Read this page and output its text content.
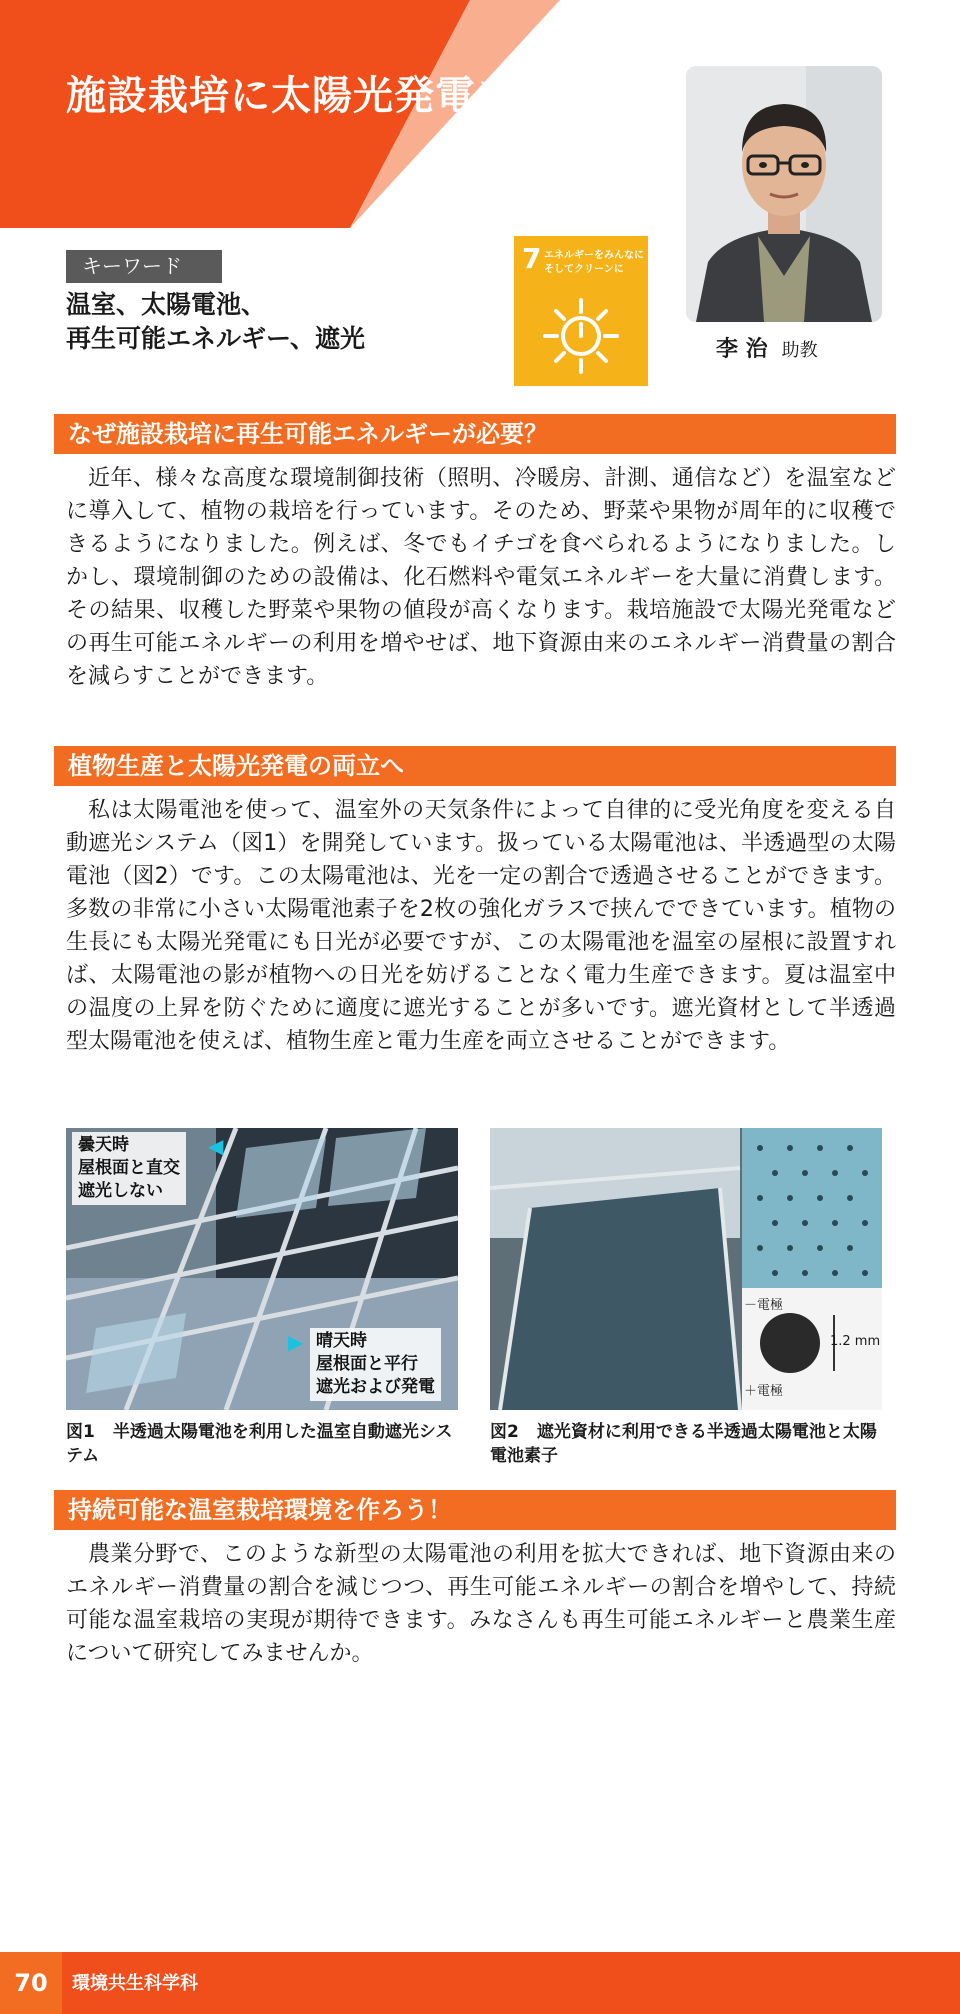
施設栽培に太陽光発電を
キーワード
温室、太陽電池、
再生可能エネルギー、遮光
7 エネルギーをみんなに そしてクリーンに
李 治 助教
なぜ施設栽培に再生可能エネルギーが必要？

近年、様々な高度な環境制御技術（照明、冷暖房、計測、通信など）を温室などに導入して、植物の栽培を行っています。そのため、野菜や果物が周年的に収穫できるようになりました。例えば、冬でもイチゴを食べられるようになりました。しかし、環境制御のための設備は、化石燃料や電気エネルギーを大量に消費します。その結果、収穫した野菜や果物の値段が高くなります。栽培施設で太陽光発電などの再生可能エネルギーの利用を増やせば、地下資源由来のエネルギー消費量の割合を減らすことができます。

植物生産と太陽光発電の両立へ

私は太陽電池を使って、温室外の天気条件によって自律的に受光角度を変える自動遮光システム（図1）を開発しています。扱っている太陽電池は、半透過型の太陽電池（図2）です。この太陽電池は、光を一定の割合で透過させることができます。多数の非常に小さい太陽電池素子を2枚の強化ガラスで挟んでできています。植物の生長にも太陽光発電にも日光が必要ですが、この太陽電池を温室の屋根に設置すれば、太陽電池の影が植物への日光を妨げることなく電力生産できます。夏は温室中の温度の上昇を防ぐために適度に遮光することが多いです。遮光資材として半透過型太陽電池を使えば、植物生産と電力生産を両立させることができます。

曇天時
屋根面と直交
遮光しない
◀
晴天時
屋根面と平行
遮光および発電
▶
図1 半透過太陽電池を利用した温室自動遮光システム
－電極
＋電極
1.2 mm
図2 遮光資材に利用できる半透過太陽電池と太陽電池素子
持続可能な温室栽培環境を作ろう！

農業分野で、このような新型の太陽電池の利用を拡大できれば、地下資源由来のエネルギー消費量の割合を減じつつ、再生可能エネルギーの割合を増やして、持続可能な温室栽培の実現が期待できます。みなさんも再生可能エネルギーと農業生産について研究してみませんか。

70	環境共生科学科
